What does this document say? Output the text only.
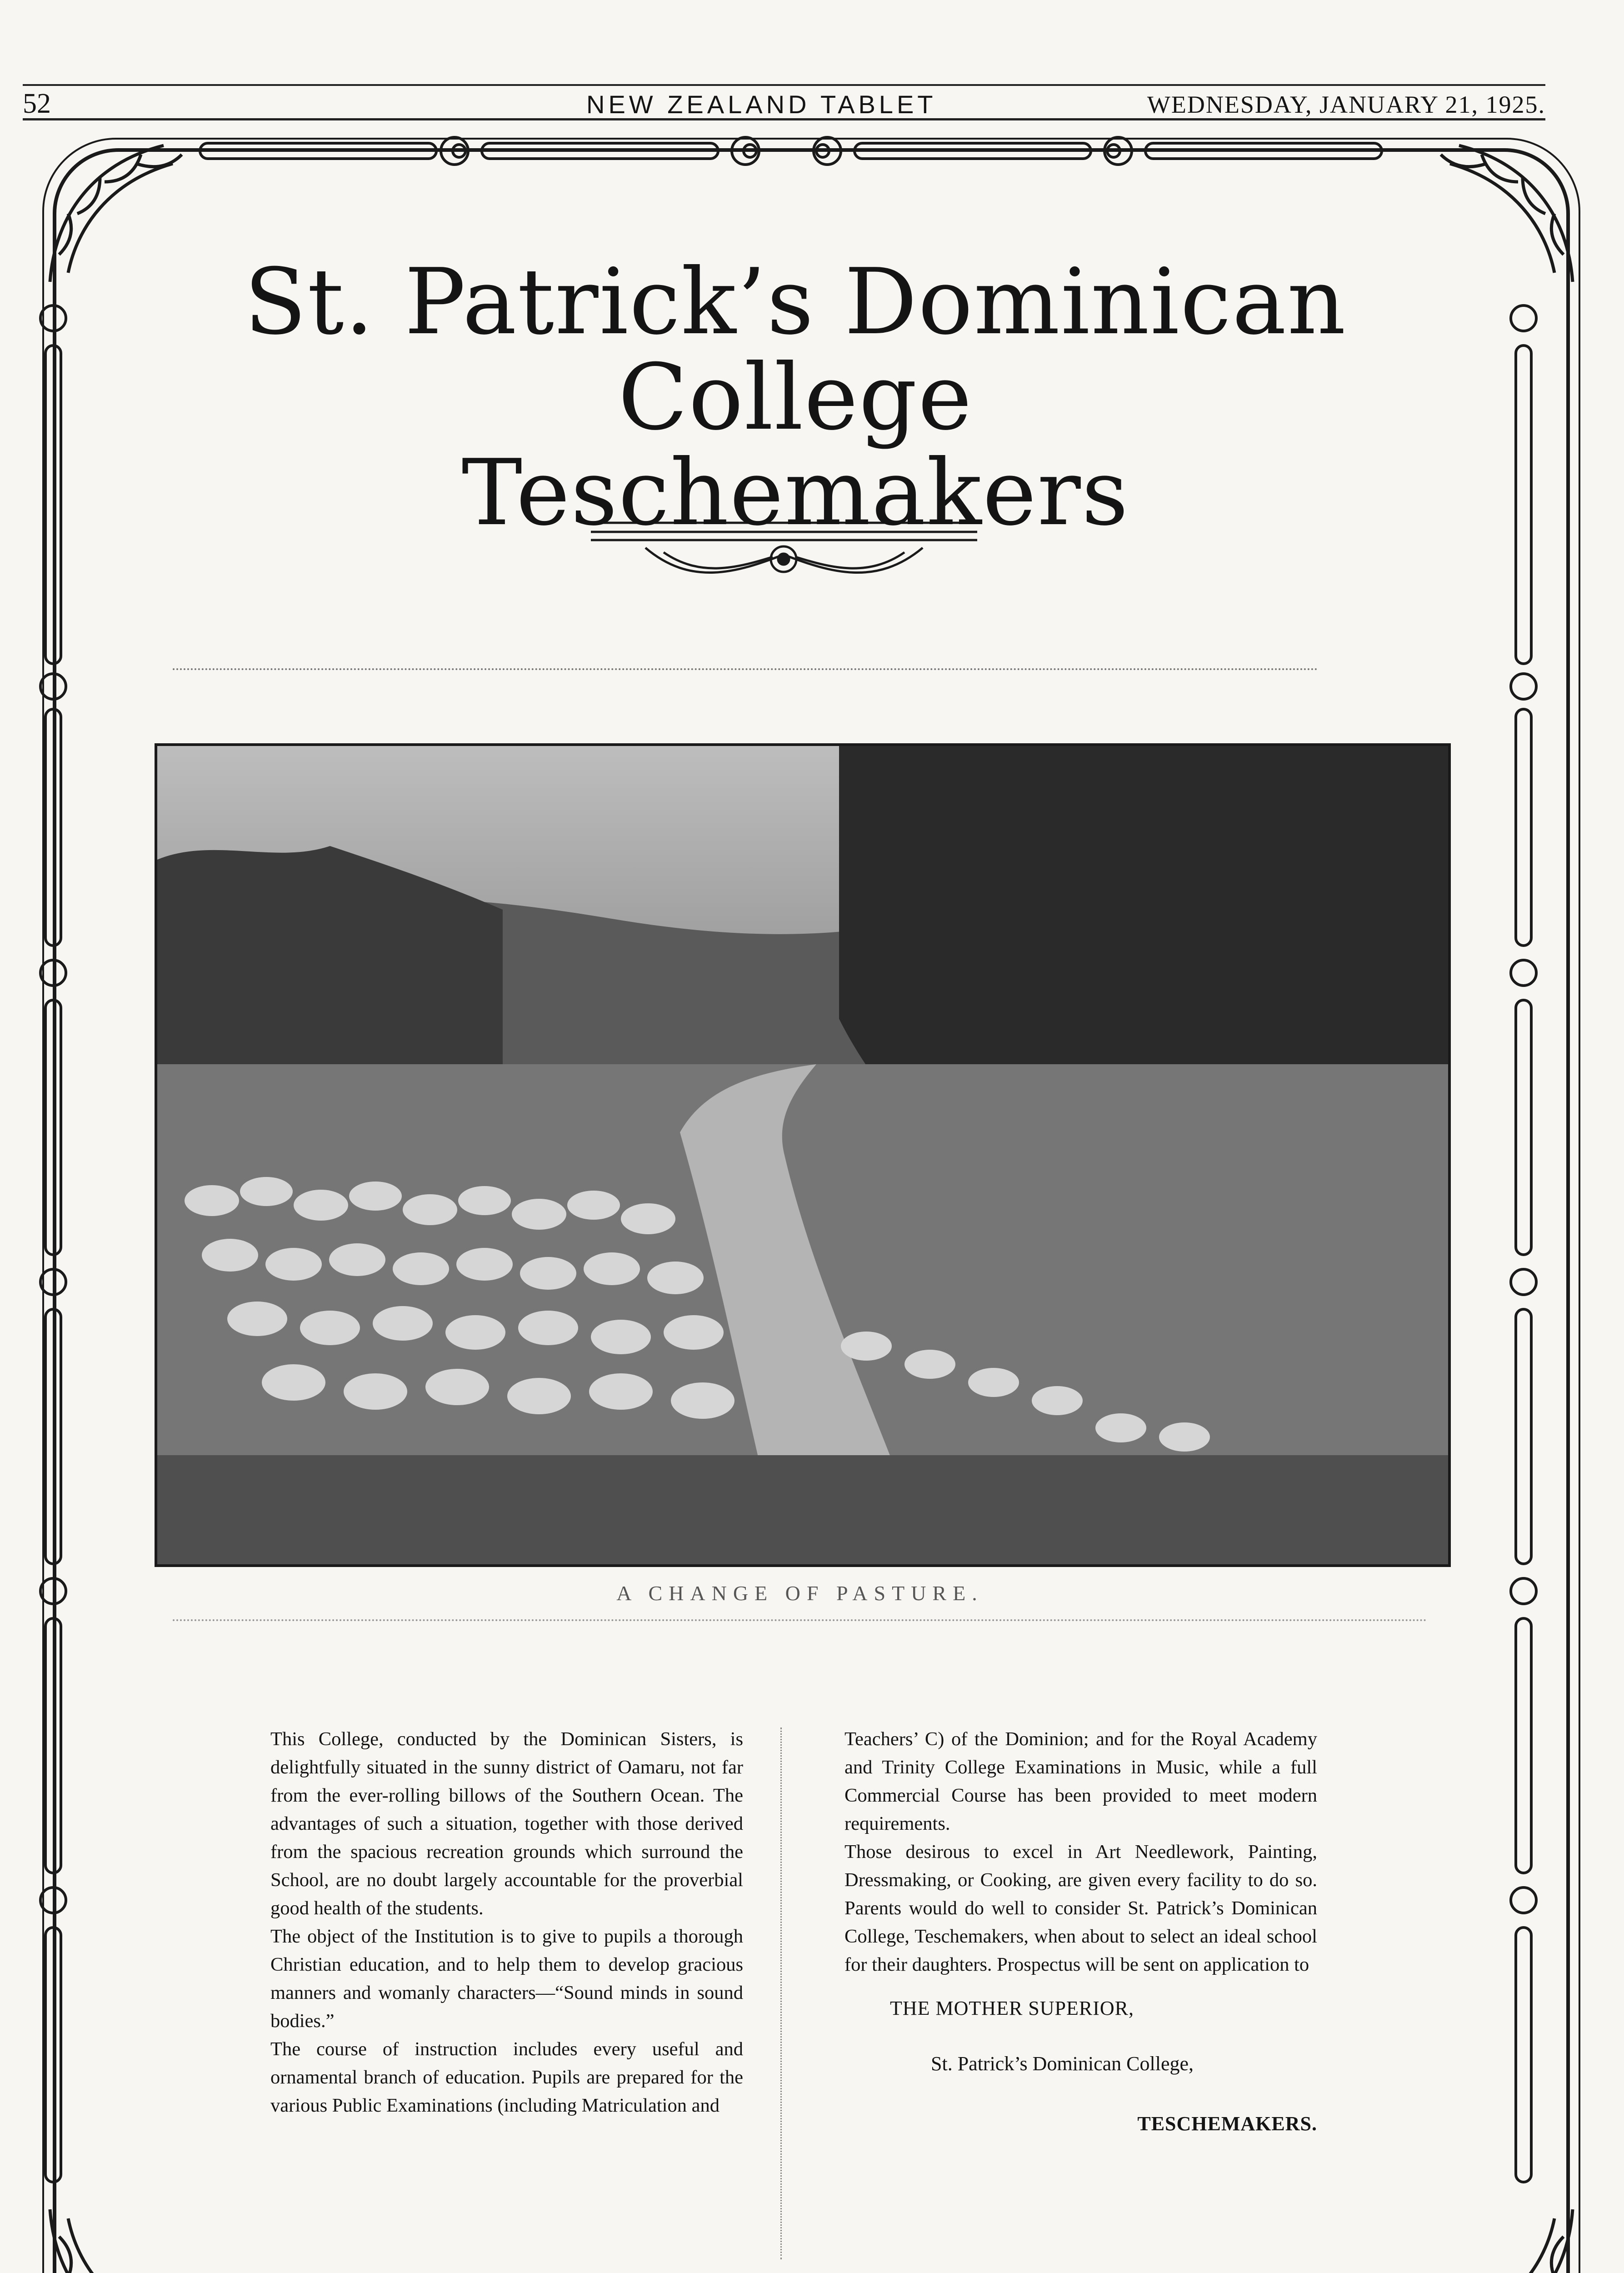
52	NEW ZEALAND TABLET	WEDNESDAY, JANUARY 21, 1925.
St. Patrick’s Dominican College
Teschemakers
A CHANGE OF PASTURE.

This College, conducted by the Dominican Sisters, is delightfully situated in the sunny district of Oamaru, not far from the ever-rolling billows of the Southern Ocean. The advantages of such a situation, together with those derived from the spacious recreation grounds which surround the School, are no doubt largely accountable for the proverbial good health of the students.

The object of the Institution is to give to pupils a thorough Christian education, and to help them to develop gracious manners and womanly characters—“Sound minds in sound bodies.”

The course of instruction includes every useful and ornamental branch of education. Pupils are prepared for the various Public Examinations (including Matriculation and

Teachers’ C) of the Dominion; and for the Royal Academy and Trinity College Examinations in Music, while a full Commercial Course has been provided to meet modern requirements.

Those desirous to excel in Art Needlework, Painting, Dressmaking, or Cooking, are given every facility to do so. Parents would do well to consider St. Patrick’s Dominican College, Teschemakers, when about to select an ideal school for their daughters. Prospectus will be sent on application to

THE MOTHER SUPERIOR,
St. Patrick’s Dominican College,
TESCHEMAKERS.
